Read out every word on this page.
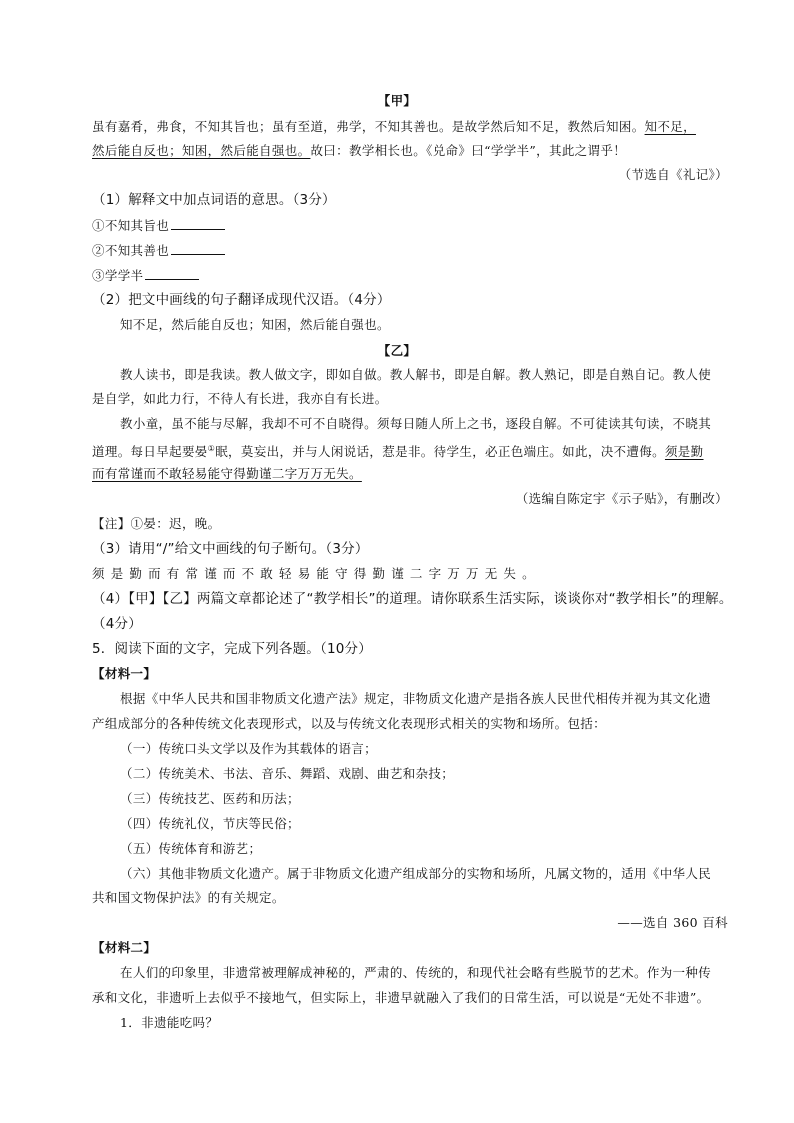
【甲】
虽有嘉肴，弗食，不知其旨也；虽有至道，弗学，不知其善也。是故学然后知不足，教然后知困。知不足，
然后能自反也；知困，然后能自强也。故曰：教学相长也。《兑命》曰“学学半”，其此之谓乎！
（节选自《礼记》）
（1）解释文中加点词语的意思。（3分）
①不知其旨也
②不知其善也
③学学半
（2）把文中画线的句子翻译成现代汉语。（4分）
知不足，然后能自反也；知困，然后能自强也。
【乙】
教人读书，即是我读。教人做文字，即如自做。教人解书，即是自解。教人熟记，即是自熟自记。教人使
是自学，如此力行，不待人有长进，我亦自有长进。
教小童，虽不能与尽解，我却不可不自晓得。须每日随人所上之书，逐段自解。不可徒读其句读，不晓其
道理。每日早起要晏①眠，莫妄出，并与人闲说话，惹是非。待学生，必正色端庄。如此，决不遭侮。须是勤
而有常谨而不敢轻易能守得勤谨二字万万无失。
（选编自陈定宇《示子贴》，有删改）
【注】①晏：迟，晚。
（3）请用“/”给文中画线的句子断句。（3分）
须是勤而有常谨而不敢轻易能守得勤谨二字万万无失。
（4）【甲】【乙】两篇文章都论述了“教学相长”的道理。请你联系生活实际，谈谈你对“教学相长”的理解。
（4分）
5．阅读下面的文字，完成下列各题。（10分）
【材料一】
根据《中华人民共和国非物质文化遗产法》规定，非物质文化遗产是指各族人民世代相传并视为其文化遗
产组成部分的各种传统文化表现形式，以及与传统文化表现形式相关的实物和场所。包括：
（一）传统口头文学以及作为其载体的语言；
（二）传统美术、书法、音乐、舞蹈、戏剧、曲艺和杂技；
（三）传统技艺、医药和历法；
（四）传统礼仪，节庆等民俗；
（五）传统体育和游艺；
（六）其他非物质文化遗产。属于非物质文化遗产组成部分的实物和场所，凡属文物的，适用《中华人民
共和国文物保护法》的有关规定。
——选自 360 百科
【材料二】
在人们的印象里，非遗常被理解成神秘的，严肃的、传统的，和现代社会略有些脱节的艺术。作为一种传
承和文化，非遗听上去似乎不接地气，但实际上，非遗早就融入了我们的日常生活，可以说是“无处不非遗”。
1．非遗能吃吗？
